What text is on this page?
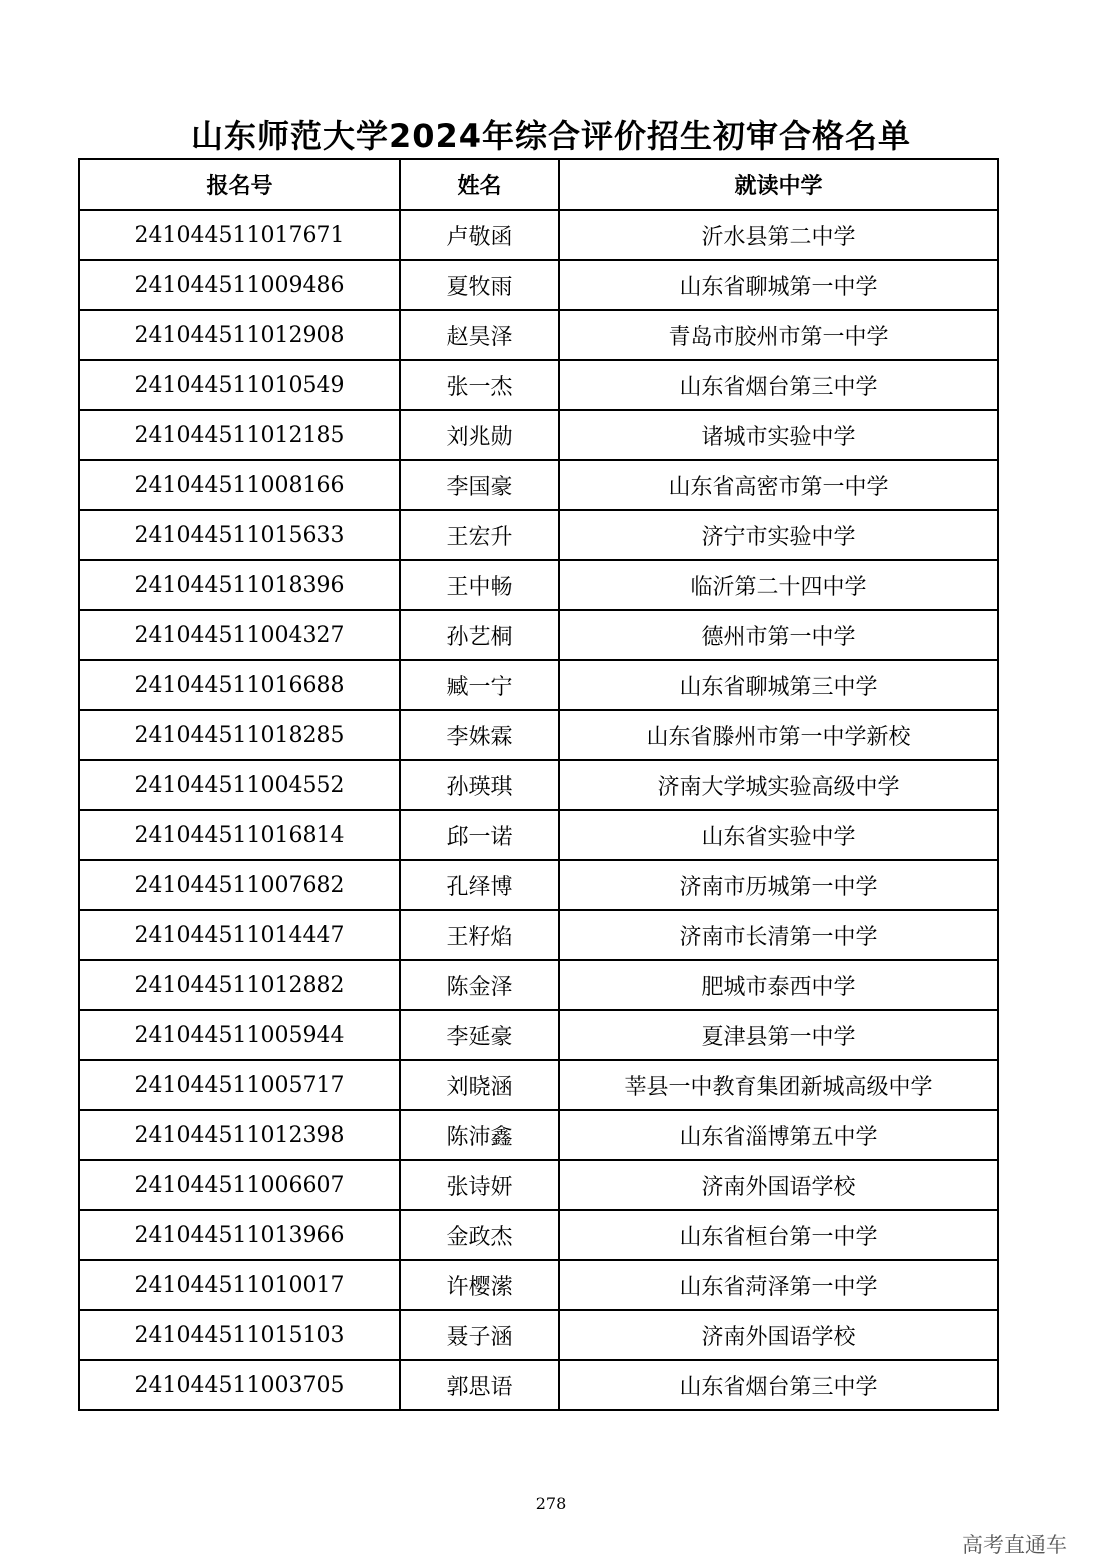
山东师范大学2024年综合评价招生初审合格名单
报名号	姓名	就读中学
241044511017671	卢敬函	沂水县第二中学
241044511009486	夏牧雨	山东省聊城第一中学
241044511012908	赵昊泽	青岛市胶州市第一中学
241044511010549	张一杰	山东省烟台第三中学
241044511012185	刘兆勋	诸城市实验中学
241044511008166	李国豪	山东省高密市第一中学
241044511015633	王宏升	济宁市实验中学
241044511018396	王中畅	临沂第二十四中学
241044511004327	孙艺桐	德州市第一中学
241044511016688	臧一宁	山东省聊城第三中学
241044511018285	李姝霖	山东省滕州市第一中学新校
241044511004552	孙瑛琪	济南大学城实验高级中学
241044511016814	邱一诺	山东省实验中学
241044511007682	孔绎博	济南市历城第一中学
241044511014447	王籽焰	济南市长清第一中学
241044511012882	陈金泽	肥城市泰西中学
241044511005944	李延豪	夏津县第一中学
241044511005717	刘晓涵	莘县一中教育集团新城高级中学
241044511012398	陈沛鑫	山东省淄博第五中学
241044511006607	张诗妍	济南外国语学校
241044511013966	金政杰	山东省桓台第一中学
241044511010017	许樱潆	山东省菏泽第一中学
241044511015103	聂子涵	济南外国语学校
241044511003705	郭思语	山东省烟台第三中学
278
高考直通车
